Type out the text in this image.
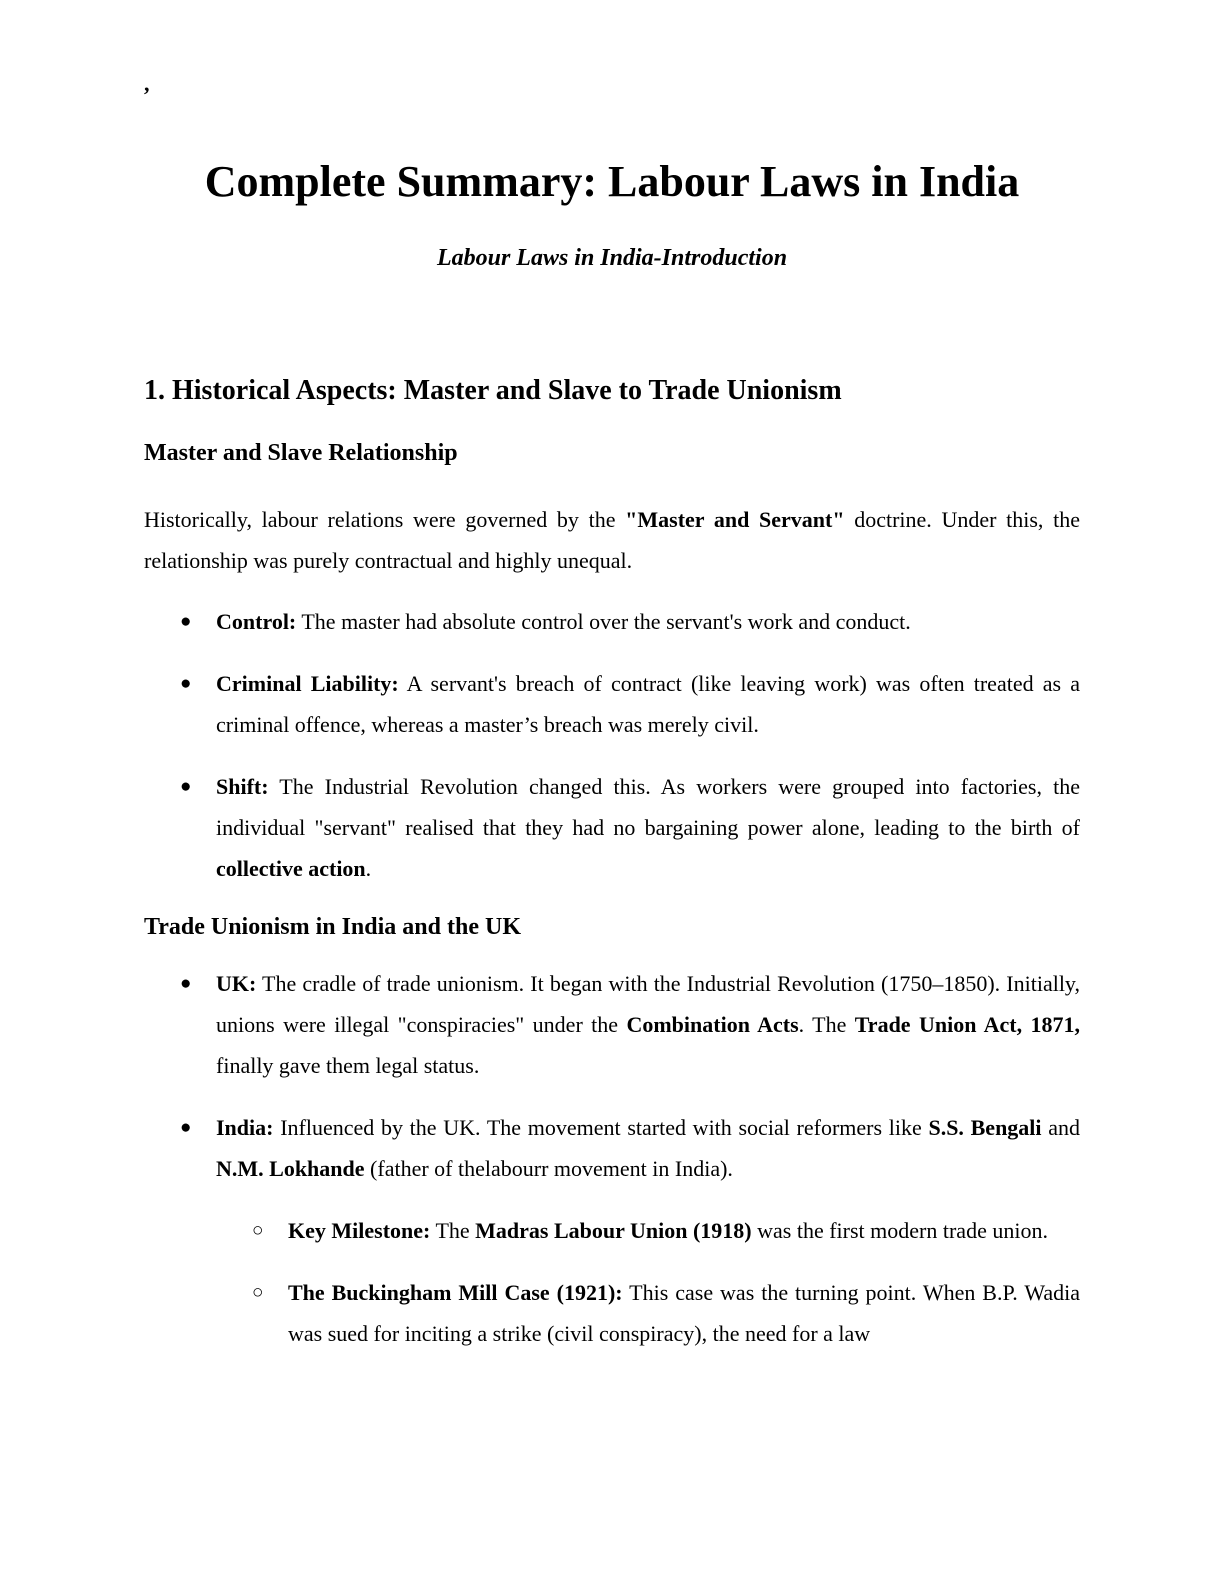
,
Complete Summary: Labour Laws in India
Labour Laws in India-Introduction
1. Historical Aspects: Master and Slave to Trade Unionism
Master and Slave Relationship

Historically, labour relations were governed by the "Master and Servant" doctrine. Under this, the relationship was purely contractual and highly unequal.

● Control: The master had absolute control over the servant's work and conduct.
● Criminal Liability: A servant's breach of contract (like leaving work) was often treated as a criminal offence, whereas a master’s breach was merely civil.
● Shift: The Industrial Revolution changed this. As workers were grouped into factories, the individual "servant" realised that they had no bargaining power alone, leading to the birth of collective action.
Trade Unionism in India and the UK
● UK: The cradle of trade unionism. It began with the Industrial Revolution (1750–1850). Initially, unions were illegal "conspiracies" under the Combination Acts. The Trade Union Act, 1871, finally gave them legal status.
● India: Influenced by the UK. The movement started with social reformers like S.S. Bengali and N.M. Lokhande (father of thelabourr movement in India).
○ Key Milestone: The Madras Labour Union (1918) was the first modern trade union.
○ The Buckingham Mill Case (1921): This case was the turning point. When B.P. Wadia was sued for inciting a strike (civil conspiracy), the need for a law
